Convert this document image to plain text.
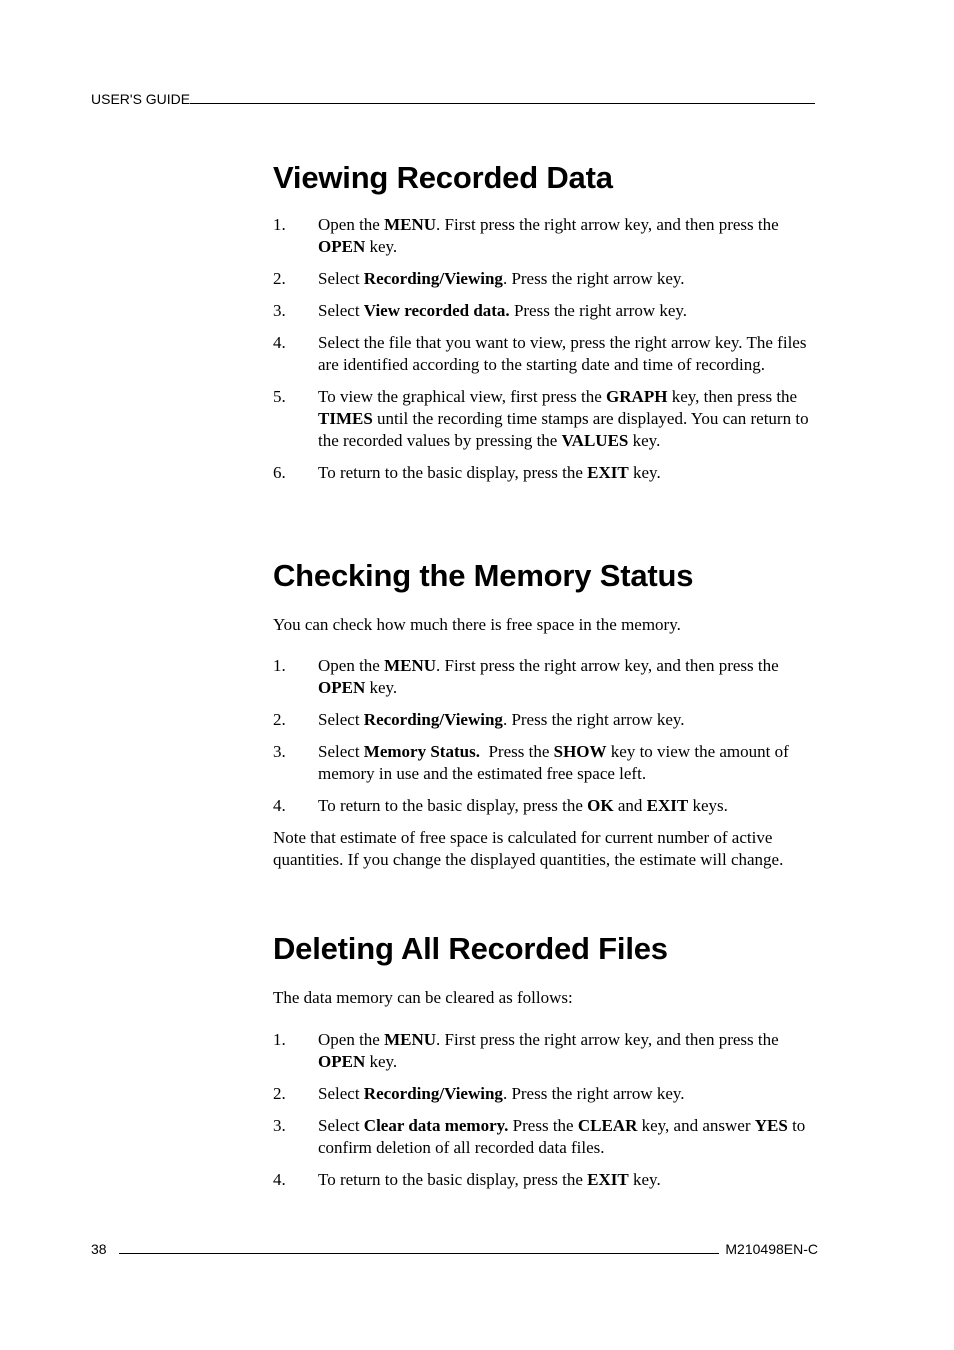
USER'S GUIDE
Viewing Recorded Data
1. Open the MENU. First press the right arrow key, and then press the OPEN key.
2. Select Recording/Viewing. Press the right arrow key.
3. Select View recorded data. Press the right arrow key.
4. Select the file that you want to view, press the right arrow key. The files are identified according to the starting date and time of recording.
5. To view the graphical view, first press the GRAPH key, then press the TIMES until the recording time stamps are displayed. You can return to the recorded values by pressing the VALUES key.
6. To return to the basic display, press the EXIT key.
Checking the Memory Status

You can check how much there is free space in the memory.

1. Open the MENU. First press the right arrow key, and then press the OPEN key.
2. Select Recording/Viewing. Press the right arrow key.
3. Select Memory Status.  Press the SHOW key to view the amount of memory in use and the estimated free space left.
4. To return to the basic display, press the OK and EXIT keys.

Note that estimate of free space is calculated for current number of active quantities. If you change the displayed quantities, the estimate will change.

Deleting All Recorded Files

The data memory can be cleared as follows:

1. Open the MENU. First press the right arrow key, and then press the OPEN key.
2. Select Recording/Viewing. Press the right arrow key.
3. Select Clear data memory. Press the CLEAR key, and answer YES to confirm deletion of all recorded data files.
4. To return to the basic display, press the EXIT key.
38	M210498EN-C
